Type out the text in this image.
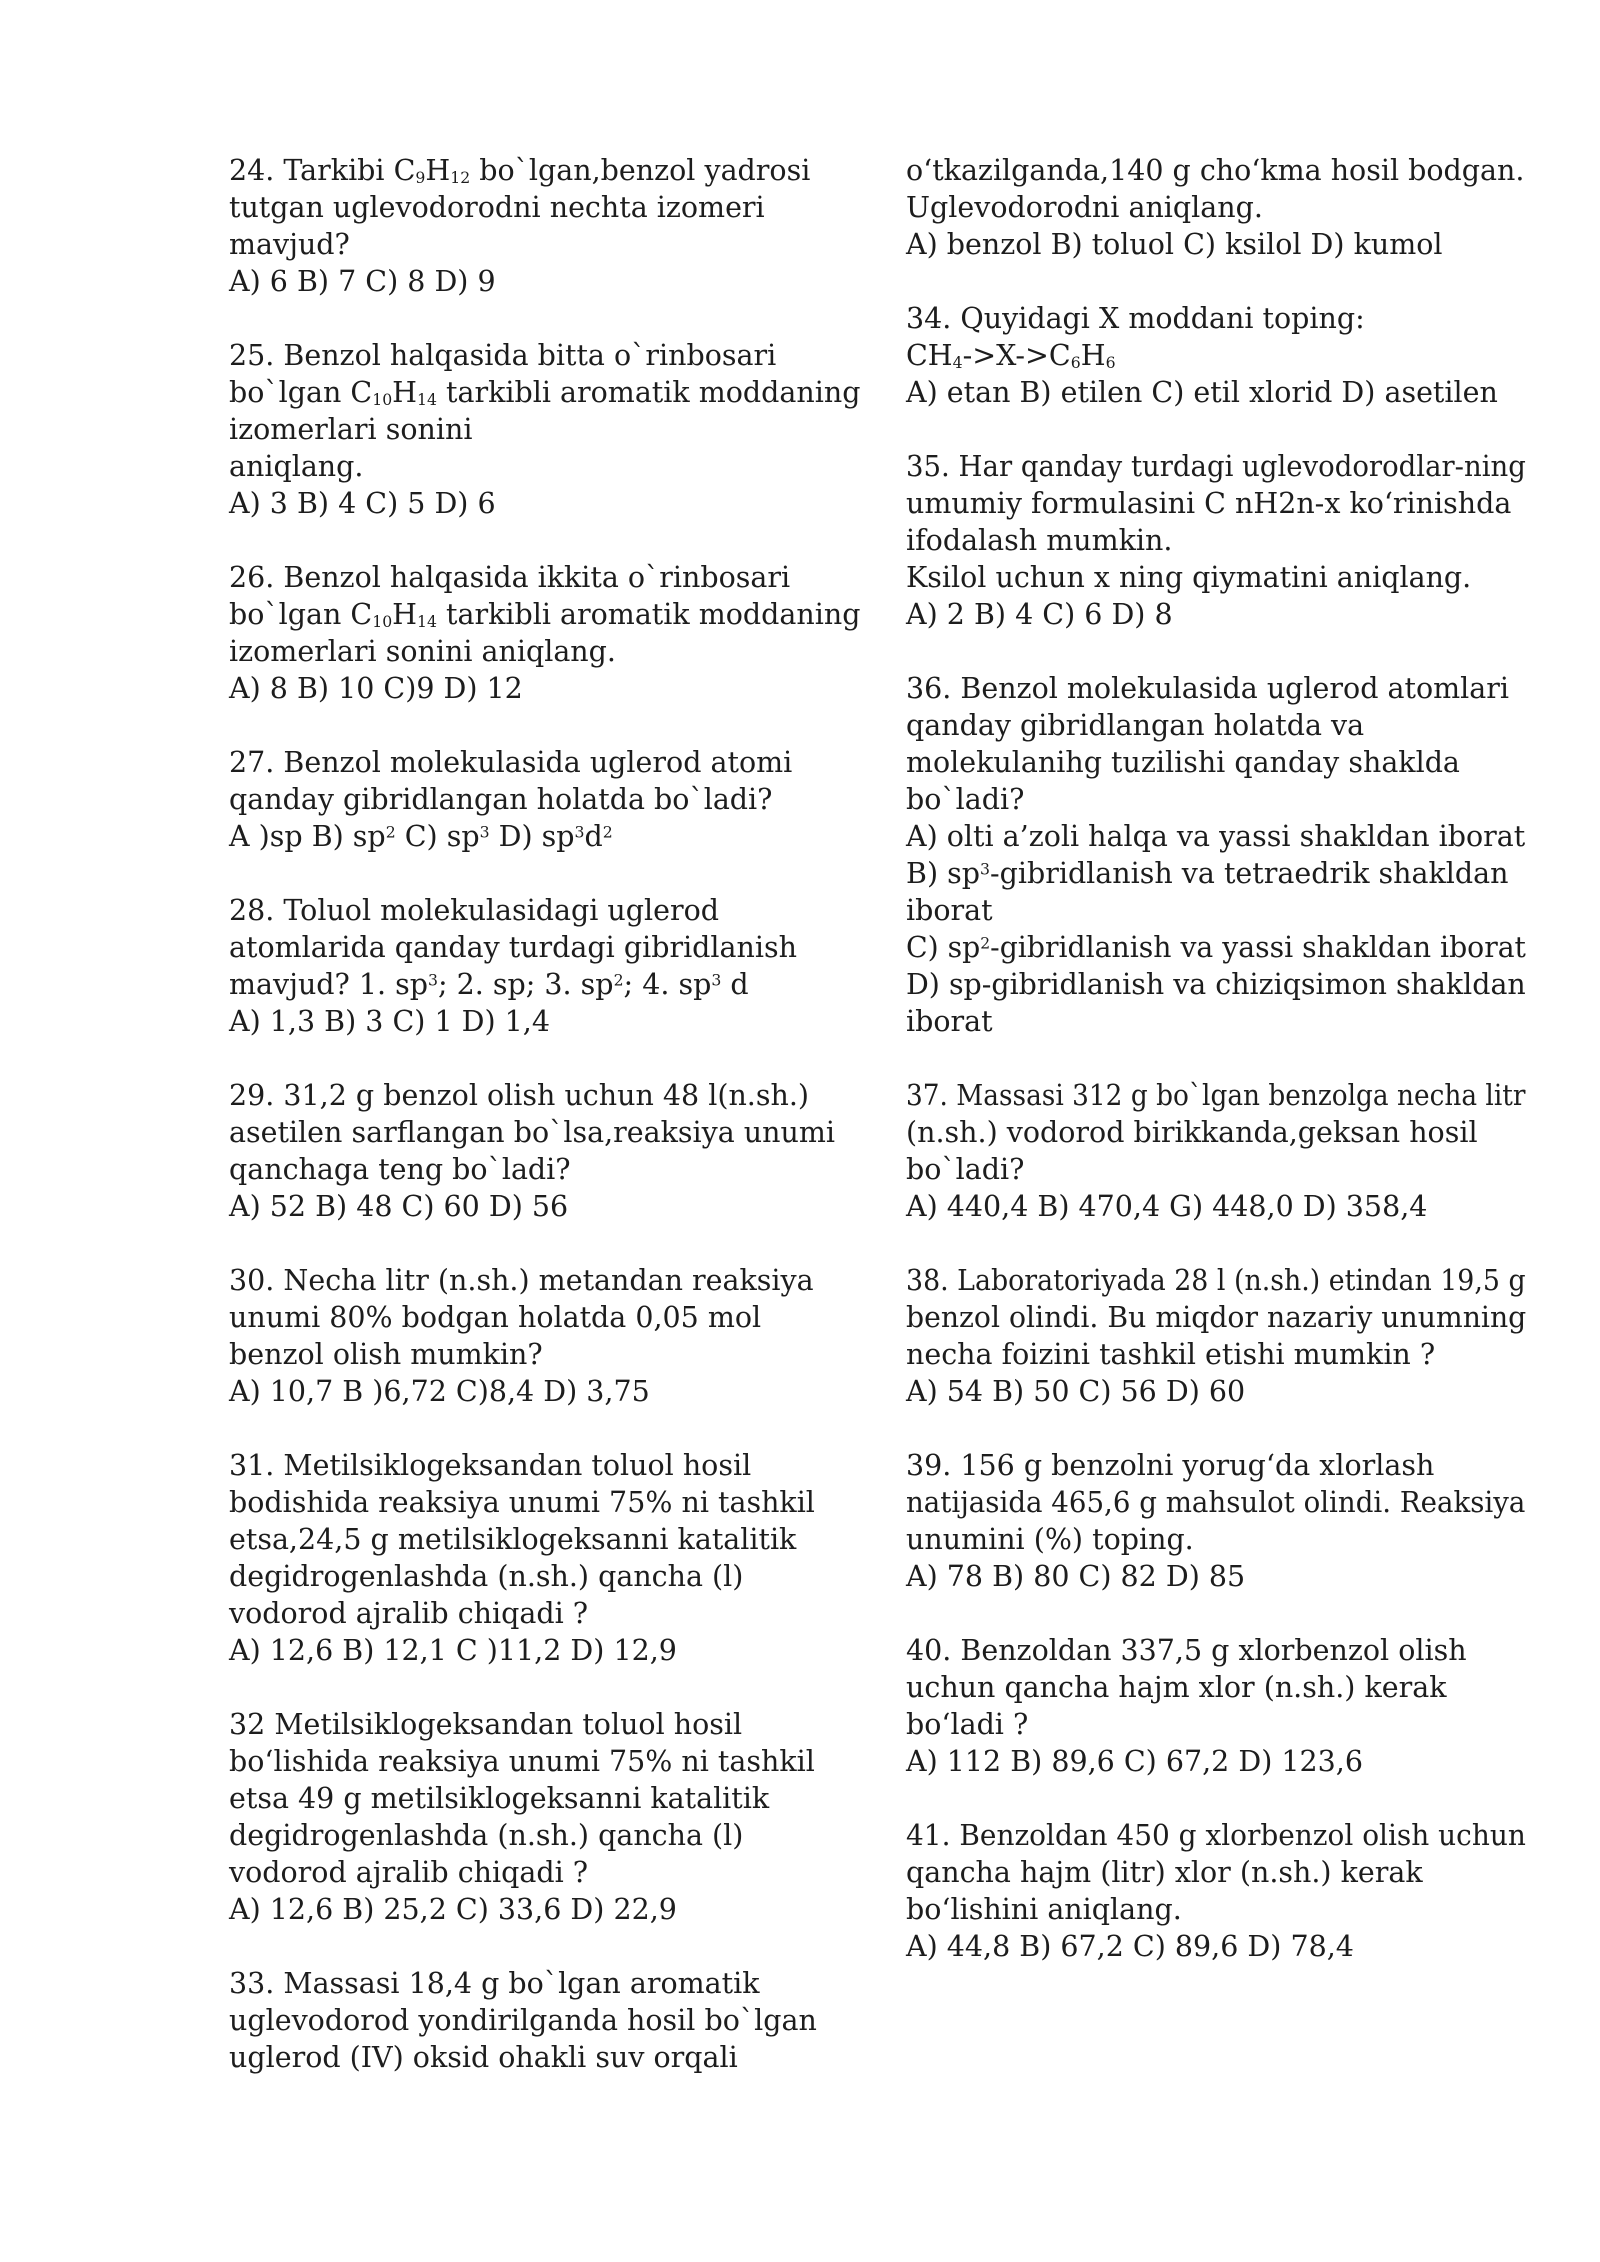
24. Tarkibi $C_9H_{12}$ bo`lgan,benzol yadrosi
tutgan uglevodorodni nechta izomeri
mavjud?
A) 6 B) 7 C) 8 D) 9
25. Benzol halqasida bitta o`rinbosari
bo`lgan $C_{10}H_{14}$ tarkibli aromatik moddaning
izomerlari sonini
aniqlang.
A) 3 B) 4 C) 5 D) 6
26. Benzol halqasida ikkita o`rinbosari
bo`lgan $C_{10}H_{14}$ tarkibli aromatik moddaning
izomerlari sonini aniqlang.
A) 8 B) 10 C)9 D) 12
27. Benzol molekulasida uglerod atomi
qanday gibridlangan holatda bo`ladi?
A )sp B) $sp^2$ C) $sp^3$ D) $sp^3d^2$
28. Toluol molekulasidagi uglerod
atomlarida qanday turdagi gibridlanish
mavjud? 1. $sp^3$; 2. sp; 3. $sp^2$; 4. $sp^3$ d
A) 1,3 B) 3 C) 1 D) 1,4
29. 31,2 g benzol olish uchun 48 l(n.sh.)
asetilen sarflangan bo`lsa,reaksiya unumi
qanchaga teng bo`ladi?
A) 52 B) 48 C) 60 D) 56
30. Necha litr (n.sh.) metandan reaksiya
unumi 80% bodgan holatda 0,05 mol
benzol olish mumkin?
A) 10,7 B )6,72 C)8,4 D) 3,75
31. Metilsiklogeksandan toluol hosil
bodishida reaksiya unumi 75% ni tashkil
etsa,24,5 g metilsiklogeksanni katalitik
degidrogenlashda (n.sh.) qancha (l)
vodorod ajralib chiqadi ?
A) 12,6 B) 12,1 C )11,2 D) 12,9
32 Metilsiklogeksandan toluol hosil
bo‘lishida reaksiya unumi 75% ni tashkil
etsa 49 g metilsiklogeksanni katalitik
degidrogenlashda (n.sh.) qancha (l)
vodorod ajralib chiqadi ?
A) 12,6 B) 25,2 C) 33,6 D) 22,9
33. Massasi 18,4 g bo`lgan aromatik
uglevodorod yondirilganda hosil bo`lgan
uglerod (IV) oksid ohakli suv orqali
o‘tkazilganda,140 g cho‘kma hosil bodgan.
Uglevodorodni aniqlang.
A) benzol B) toluol C) ksilol D) kumol
34. Quyidagi X moddani toping:
$CH_4->X->C_6H_6$
A) etan B) etilen C) etil xlorid D) asetilen
35. Har qanday turdagi uglevodorodlar-ning
umumiy formulasini C nH2n-x ko‘rinishda
ifodalash mumkin.
Ksilol uchun x ning qiymatini aniqlang.
A) 2 B) 4 C) 6 D) 8
36. Benzol molekulasida uglerod atomlari
qanday gibridlangan holatda va
molekulanihg tuzilishi qanday shaklda
bo`ladi?
A) olti a’zoli halqa va yassi shakldan iborat
B) $sp^3$-gibridlanish va tetraedrik shakldan
iborat
C) $sp^2$-gibridlanish va yassi shakldan iborat
D) sp-gibridlanish va chiziqsimon shakldan
iborat
37. Massasi 312 g bo`lgan benzolga necha litr
(n.sh.) vodorod birikkanda,geksan hosil
bo`ladi?
A) 440,4 B) 470,4 G) 448,0 D) 358,4
38. Laboratoriyada 28 l (n.sh.) etindan 19,5 g
benzol olindi. Bu miqdor nazariy unumning
necha foizini tashkil etishi mumkin ?
A) 54 B) 50 C) 56 D) 60
39. 156 g benzolni yorug‘da xlorlash
natijasida 465,6 g mahsulot olindi. Reaksiya
unumini (%) toping.
A) 78 B) 80 C) 82 D) 85
40. Benzoldan 337,5 g xlorbenzol olish
uchun qancha hajm xlor (n.sh.) kerak
bo‘ladi ?
A) 112 B) 89,6 C) 67,2 D) 123,6
41. Benzoldan 450 g xlorbenzol olish uchun
qancha hajm (litr) xlor (n.sh.) kerak
bo‘lishini aniqlang.
A) 44,8 B) 67,2 C) 89,6 D) 78,4
